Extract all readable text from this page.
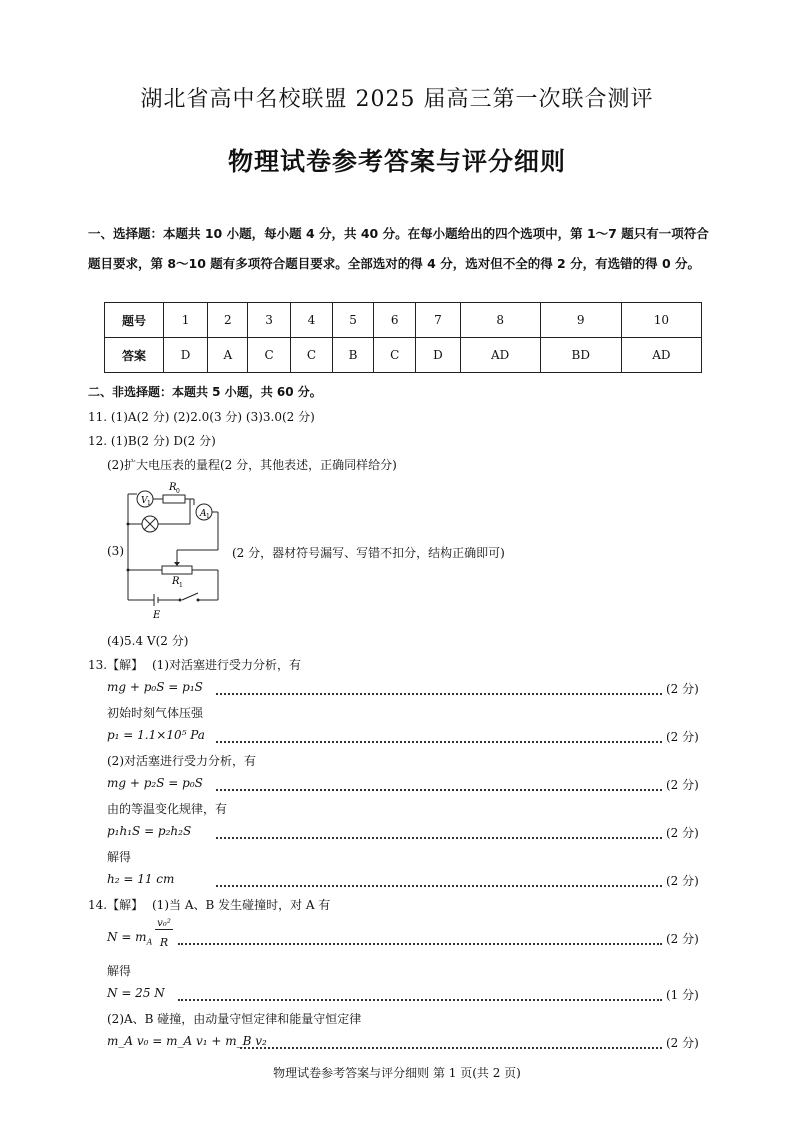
湖北省高中名校联盟 2025 届高三第一次联合测评
物理试卷参考答案与评分细则
一、选择题：本题共 10 小题，每小题 4 分，共 40 分。在每小题给出的四个选项中，第 1～7 题只有一项符合题目要求，第 8～10 题有多项符合题目要求。全部选对的得 4 分，选对但不全的得 2 分，有选错的得 0 分。
题号	1	2	3	4	5	6	7	8	9	10
答案	D	A	C	C	B	C	D	AD	BD	AD
二、非选择题：本题共 5 小题，共 60 分。
11. (1)A(2 分) (2)2.0(3 分) (3)3.0(2 分)
12. (1)B(2 分) D(2 分)
(2)扩大电压表的量程(2 分，其他表述，正确同样给分)
(3)
V 1
R 0
A 1
R 1
E
(2 分，器材符号漏写、写错不扣分，结构正确即可)
(4)5.4 V(2 分)
13.【解】 (1)对活塞进行受力分析，有
mg + p₀S = p₁S	(2 分)
初始时刻气体压强
p₁ = 1.1×10⁵ Pa	(2 分)
(2)对活塞进行受力分析，有
mg + p₂S = p₀S	(2 分)
由的等温变化规律，有
p₁h₁S = p₂h₂S	(2 分)
解得
h₂ = 11 cm	(2 分)
14.【解】 (1)当 A、B 发生碰撞时，对 A 有
$N = m_A$
v₀²
R	(2 分)
解得
N = 25 N	(1 分)
(2)A、B 碰撞，由动量守恒定律和能量守恒定律
m_A v₀ = m_A v₁ + m_B v₂	(2 分)
物理试卷参考答案与评分细则 第 1 页(共 2 页)
